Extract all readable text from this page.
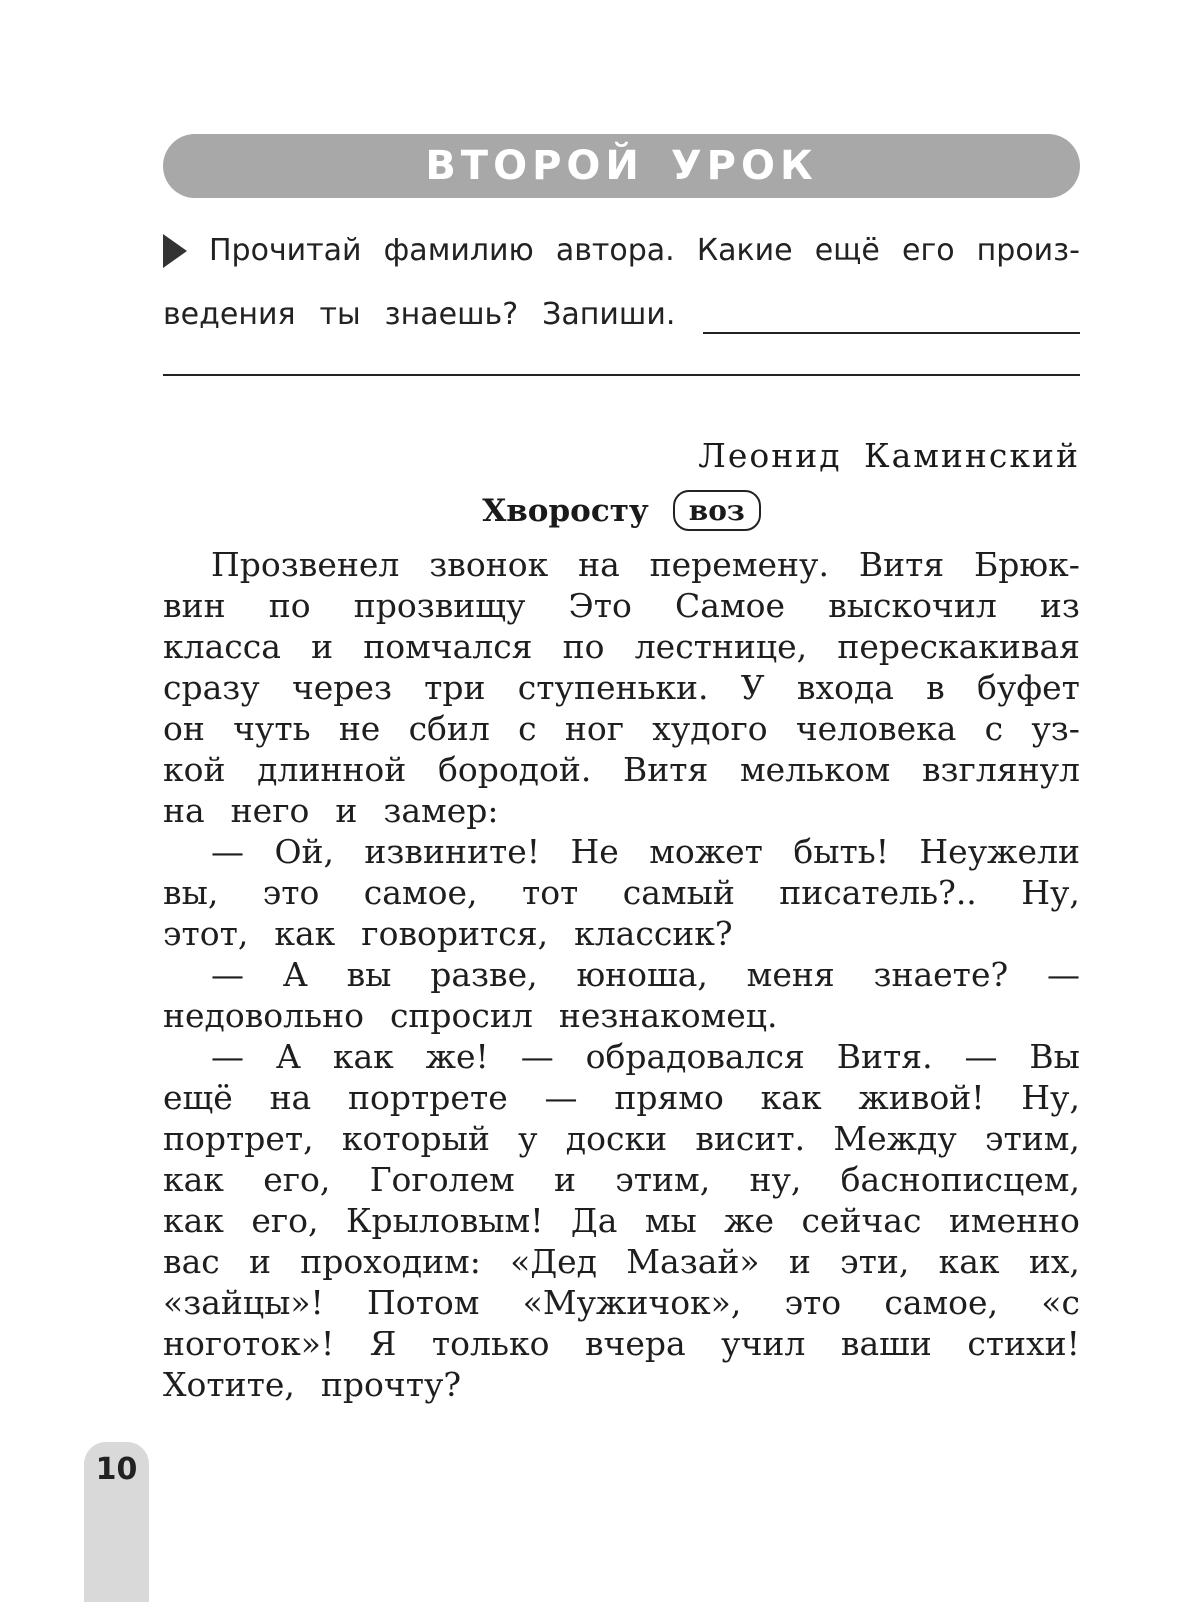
ВТОРОЙ УРОК
Прочитай фамилию автора. Какие ещё его произ-
ведения ты знаешь? Запиши.
Леонид Каминский
Хворосту	воз
Прозвенел звонок на перемену. Витя Брюк-
вин по прозвищу Это Самое выскочил из
класса и помчался по лестнице, перескакивая
сразу через три ступеньки. У входа в буфет
он чуть не сбил с ног худого человека с уз-
кой длинной бородой. Витя мельком взглянул
на него и замер:
— Ой, извините! Не может быть! Неужели
вы, это самое, тот самый писатель?.. Ну,
этот, как говорится, классик?
— А вы разве, юноша, меня знаете? —
недовольно спросил незнакомец.
— А как же! — обрадовался Витя. — Вы
ещё на портрете — прямо как живой! Ну,
портрет, который у доски висит. Между этим,
как его, Гоголем и этим, ну, баснописцем,
как его, Крыловым! Да мы же сейчас именно
вас и проходим: «Дед Мазай» и эти, как их,
«зайцы»! Потом «Мужичок», это самое, «с
ноготок»! Я только вчера учил ваши стихи!
Хотите, прочту?
10
